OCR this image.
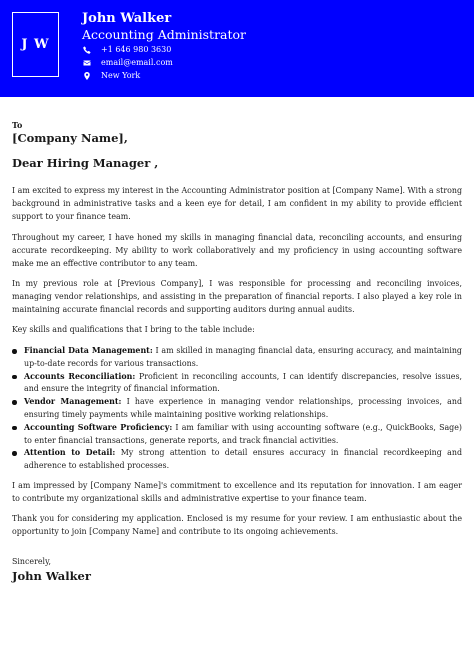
J W
John Walker
Accounting Administrator
+1 646 980 3630
email@email.com
New York
To
[Company Name],
Dear Hiring Manager ,

I am excited to express my interest in the Accounting Administrator position at [Company Name]. With a strong background in administrative tasks and a keen eye for detail, I am confident in my ability to provide efficient support to your finance team.

Throughout my career, I have honed my skills in managing financial data, reconciling accounts, and ensuring accurate recordkeeping. My ability to work collaboratively and my proficiency in using accounting software make me an effective contributor to any team.

In my previous role at [Previous Company], I was responsible for processing and reconciling invoices, managing vendor relationships, and assisting in the preparation of financial reports. I also played a key role in maintaining accurate financial records and supporting auditors during annual audits.

Key skills and qualifications that I bring to the table include:

Financial Data Management: I am skilled in managing financial data, ensuring accuracy, and maintaining up-to-date records for various transactions.
Accounts Reconciliation: Proficient in reconciling accounts, I can identify discrepancies, resolve issues, and ensure the integrity of financial information.
Vendor Management: I have experience in managing vendor relationships, processing invoices, and ensuring timely payments while maintaining positive working relationships.
Accounting Software Proficiency: I am familiar with using accounting software (e.g., QuickBooks, Sage) to enter financial transactions, generate reports, and track financial activities.
Attention to Detail: My strong attention to detail ensures accuracy in financial recordkeeping and adherence to established processes.

I am impressed by [Company Name]'s commitment to excellence and its reputation for innovation. I am eager to contribute my organizational skills and administrative expertise to your finance team.

Thank you for considering my application. Enclosed is my resume for your review. I am enthusiastic about the opportunity to join [Company Name] and contribute to its ongoing achievements.

Sincerely,
John Walker
